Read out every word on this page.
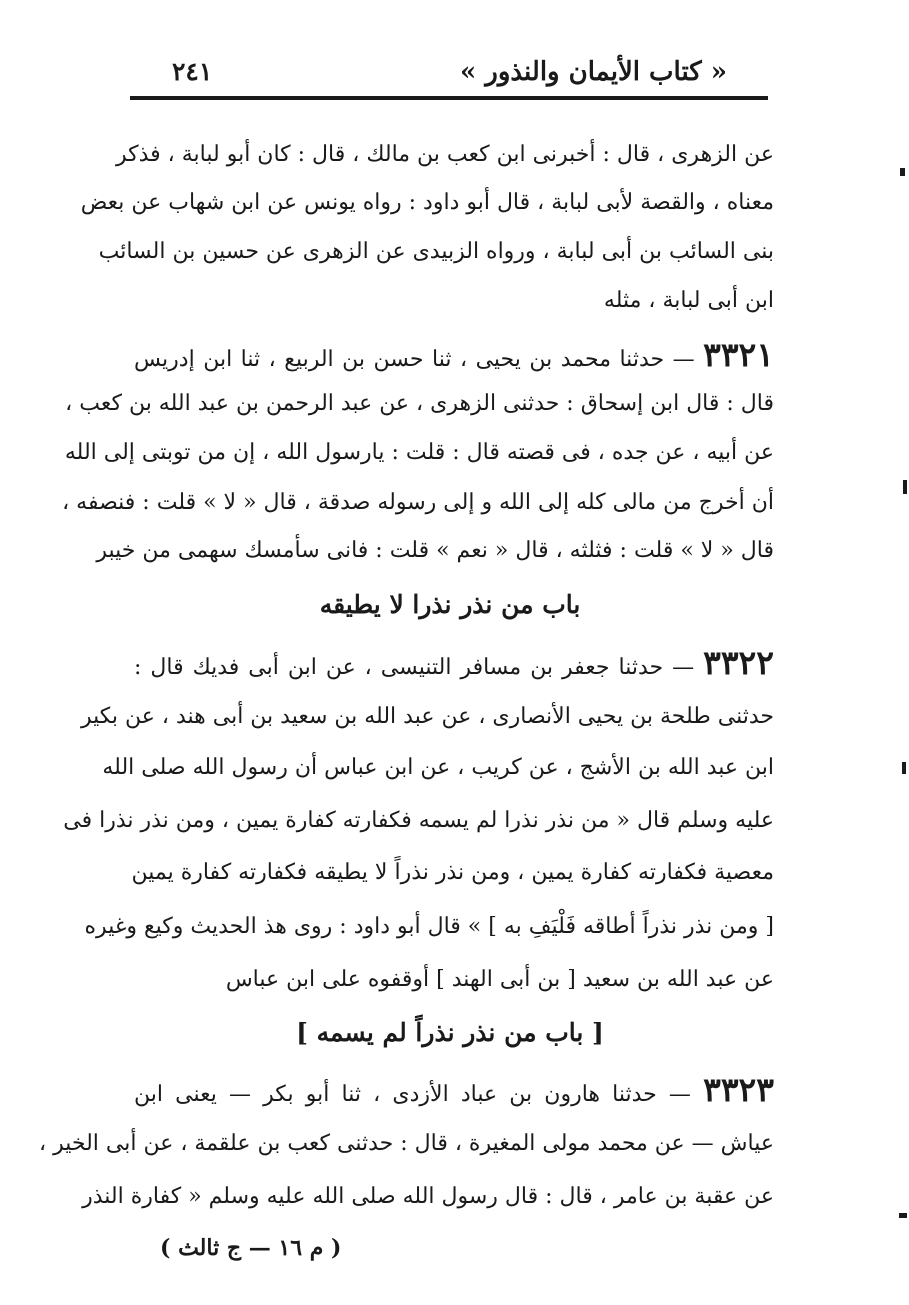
٢٤١	« كتاب الأيمان والنذور »
عن الزهرى ، قال : أخبرنى ابن كعب بن مالك ، قال : كان أبو لبابة ، فذكر
معناه ، والقصة لأبى لبابة ، قال أبو داود : رواه يونس عن ابن شهاب عن بعض
بنى السائب بن أبى لبابة ، ورواه الزبيدى عن الزهرى عن حسين بن السائب
ابن أبى لبابة ، مثله
٣٣٢١ — حدثنا محمد بن يحيى ، ثنا حسن بن الربيع ، ثنا ابن إدريس
قال : قال ابن إسحاق : حدثنى الزهرى ، عن عبد الرحمن بن عبد الله بن كعب ،
عن أبيه ، عن جده ، فى قصته قال : قلت : يارسول الله ، إن من توبتى إلى الله
أن أخرج من مالى كله إلى الله و إلى رسوله صدقة ، قال « لا » قلت : فنصفه ،
قال « لا » قلت : فثلثه ، قال « نعم » قلت : فانى سأمسك سهمى من خيبر
باب من نذر نذرا لا يطيقه
٣٣٢٢ — حدثنا جعفر بن مسافر التنيسى ، عن ابن أبى فديك قال :
حدثنى طلحة بن يحيى الأنصارى ، عن عبد الله بن سعيد بن أبى هند ، عن بكير
ابن عبد الله بن الأشج ، عن كريب ، عن ابن عباس أن رسول الله صلى الله
عليه وسلم قال « من نذر نذرا لم يسمه فكفارته كفارة يمين ، ومن نذر نذرا فى
معصية فكفارته كفارة يمين ، ومن نذر نذراً لا يطيقه فكفارته كفارة يمين
[ ومن نذر نذراً أطاقه فَلْيَفِ به ] » قال أبو داود : روى هذ الحديث وكيع وغيره
عن عبد الله بن سعيد [ بن أبى الهند ] أوقفوه على ابن عباس
[ باب من نذر نذراً لم يسمه ]
٣٣٢٣ — حدثنا هارون بن عباد الأزدى ، ثنا أبو بكر — يعنى ابن
عياش — عن محمد مولى المغيرة ، قال : حدثنى كعب بن علقمة ، عن أبى الخير ،
عن عقبة بن عامر ، قال : قال رسول الله صلى الله عليه وسلم « كفارة النذر
( م ١٦ — ج ثالث )
